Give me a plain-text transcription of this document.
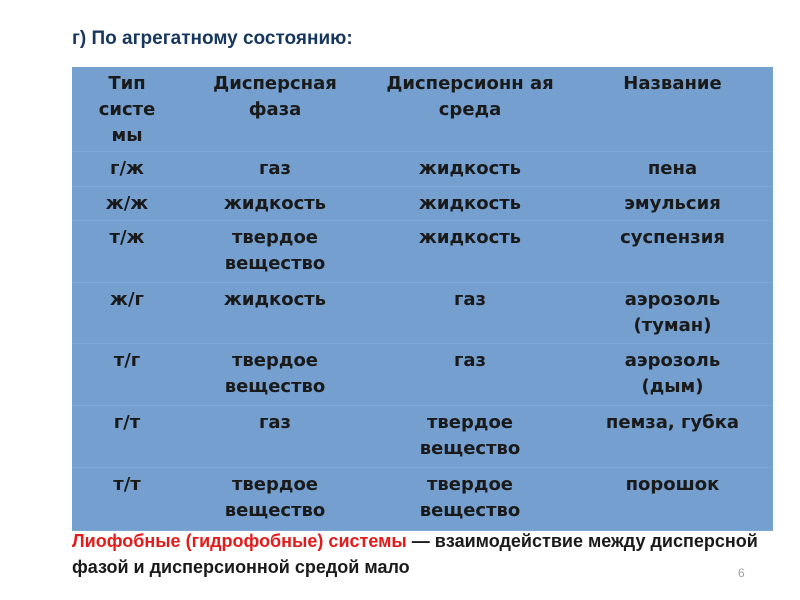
г) По агрегатному состоянию:
Тип систе мы	Дисперсная фаза	Дисперсионн ая среда	Название
г/ж	газ	жидкость	пена
ж/ж	жидкость	жидкость	эмульсия
т/ж	твердое вещество	жидкость	суспензия
ж/г	жидкость	газ	аэрозоль (туман)
т/г	твердое вещество	газ	аэрозоль (дым)
г/т	газ	твердое вещество	пемза, губка
т/т	твердое вещество	твердое вещество	порошок
Лиофобные (гидрофобные) системы — взаимодействие между дисперсной фазой и дисперсионной средой мало	6
